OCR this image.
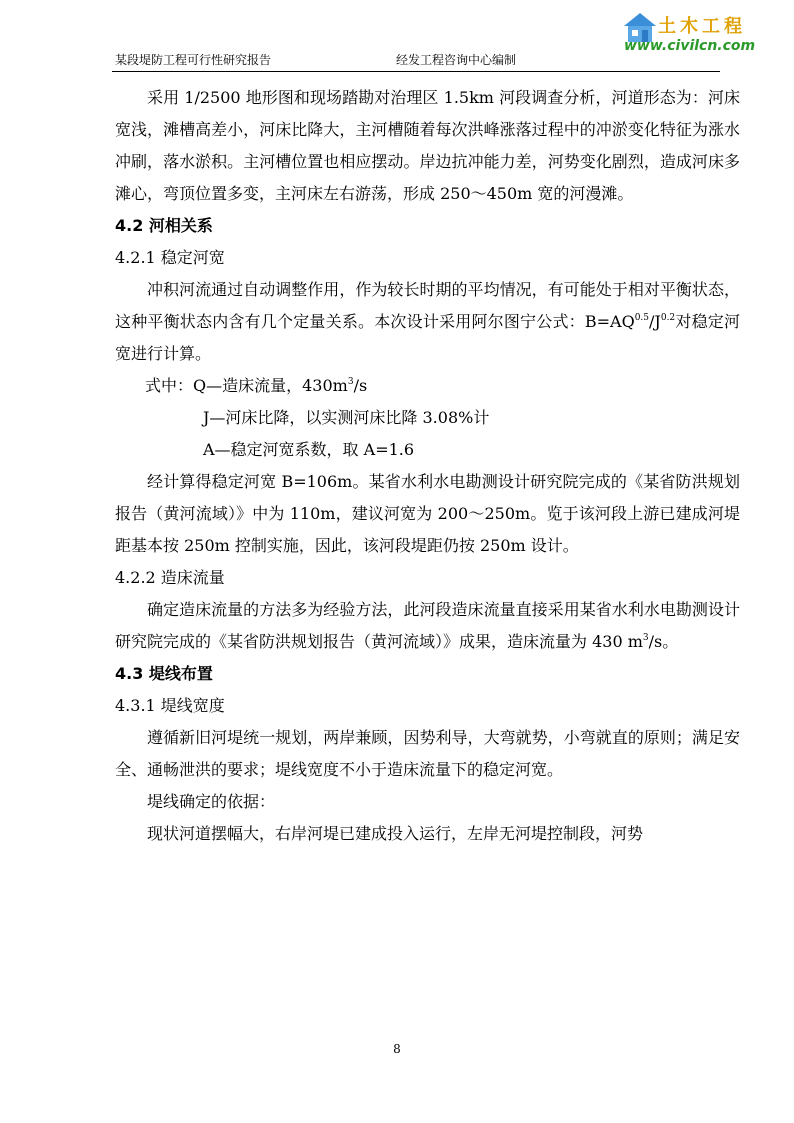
土木工程
www.civilcn.com
某段堤防工程可行性研究报告	经发工程咨询中心编制

采用 1/2500 地形图和现场踏勘对治理区 1.5km 河段调查分析，河道形态为：河床宽浅，滩槽高差小，河床比降大，主河槽随着每次洪峰涨落过程中的冲淤变化特征为涨水冲刷，落水淤积。主河槽位置也相应摆动。岸边抗冲能力差，河势变化剧烈，造成河床多滩心，弯顶位置多变，主河床左右游荡，形成 250～450m 宽的河漫滩。

4.2 河相关系

4.2.1 稳定河宽

冲积河流通过自动调整作用，作为较长时期的平均情况，有可能处于相对平衡状态，这种平衡状态内含有几个定量关系。本次设计采用阿尔图宁公式：$B=AQ^{0.5}/J^{0.2}$对稳定河宽进行计算。

式中：Q—造床流量，$430m^3/s$

J—河床比降，以实测河床比降 3.08%计

A—稳定河宽系数，取 A=1.6

经计算得稳定河宽 B=106m。某省水利水电勘测设计研究院完成的《某省防洪规划报告（黄河流域）》中为 110m，建议河宽为 200～250m。览于该河段上游已建成河堤距基本按 250m 控制实施，因此，该河段堤距仍按 250m 设计。

4.2.2 造床流量

确定造床流量的方法多为经验方法，此河段造床流量直接采用某省水利水电勘测设计研究院完成的《某省防洪规划报告（黄河流域）》成果，造床流量为 430 $m^3/s$。

4.3 堤线布置

4.3.1 堤线宽度

遵循新旧河堤统一规划，两岸兼顾，因势利导，大弯就势，小弯就直的原则；满足安全、通畅泄洪的要求；堤线宽度不小于造床流量下的稳定河宽。

堤线确定的依据：

现状河道摆幅大，右岸河堤已建成投入运行，左岸无河堤控制段，河势

8
